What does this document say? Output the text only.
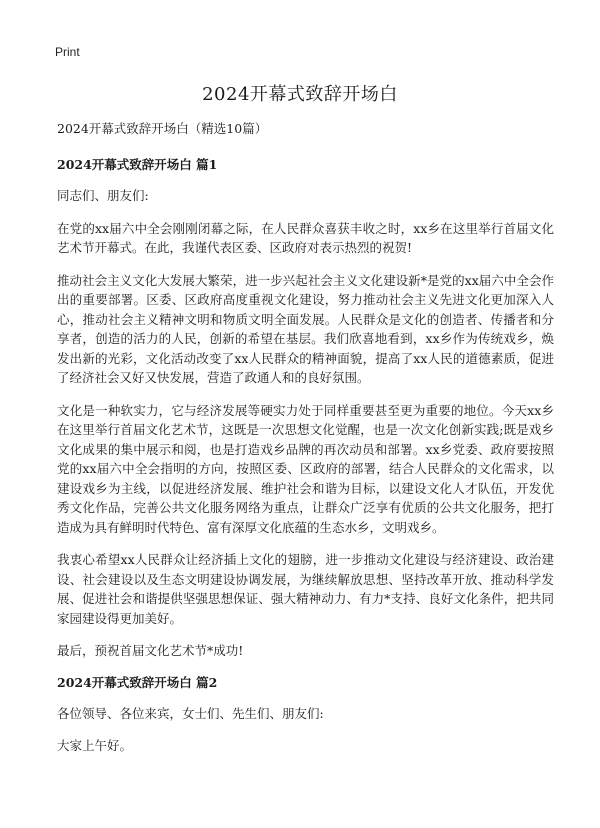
Print
2024开幕式致辞开场白

2024开幕式致辞开场白（精选10篇）

2024开幕式致辞开场白 篇1

同志们、朋友们:

在党的xx届六中全会刚刚闭幕之际，在人民群众喜获丰收之时，xx乡在这里举行首届文化艺术节开幕式。在此，我谨代表区委、区政府对表示热烈的祝贺!

推动社会主义文化大发展大繁荣，进一步兴起社会主义文化建设新*是党的xx届六中全会作出的重要部署。区委、区政府高度重视文化建设，努力推动社会主义先进文化更加深入人心，推动社会主义精神文明和物质文明全面发展。人民群众是文化的创造者、传播者和分享者，创造的活力的人民，创新的希望在基层。我们欣喜地看到，xx乡作为传统戏乡，焕发出新的光彩，文化活动改变了xx人民群众的精神面貌，提高了xx人民的道德素质，促进了经济社会又好又快发展，营造了政通人和的良好氛围。

文化是一种软实力，它与经济发展等硬实力处于同样重要甚至更为重要的地位。今天xx乡在这里举行首届文化艺术节，这既是一次思想文化觉醒，也是一次文化创新实践;既是戏乡文化成果的集中展示和阅，也是打造戏乡品牌的再次动员和部署。xx乡党委、政府要按照党的xx届六中全会指明的方向，按照区委、区政府的部署，结合人民群众的文化需求，以建设戏乡为主线，以促进经济发展、维护社会和谐为目标，以建设文化人才队伍，开发优秀文化作品，完善公共文化服务网络为重点，让群众广泛享有优质的公共文化服务，把打造成为具有鲜明时代特色、富有深厚文化底蕴的生态水乡，文明戏乡。

我衷心希望xx人民群众让经济插上文化的翅膀，进一步推动文化建设与经济建设、政治建设、社会建设以及生态文明建设协调发展，为继续解放思想、坚持改革开放、推动科学发展、促进社会和谐提供坚强思想保证、强大精神动力、有力*支持、良好文化条件，把共同家园建设得更加美好。

最后，预祝首届文化艺术节*成功!

2024开幕式致辞开场白 篇2

各位领导、各位来宾，女士们、先生们、朋友们:

大家上午好。
